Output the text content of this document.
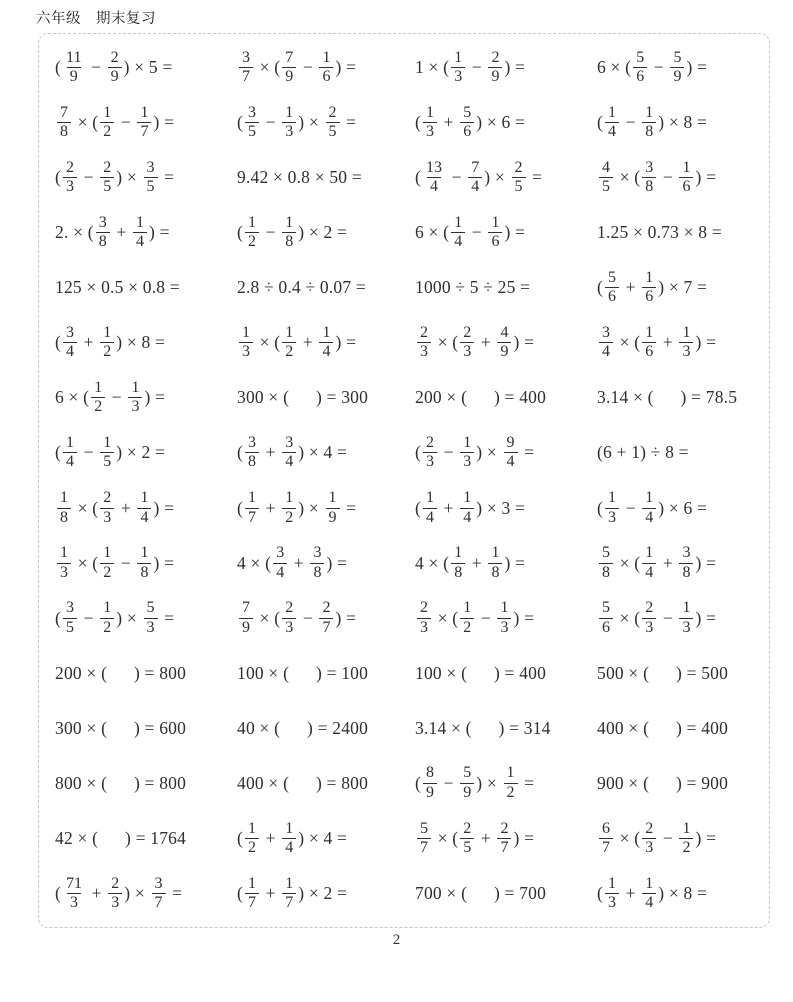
六年级　期末复习
( $\frac{11}{9} - \frac{2}{9}$ ) × 5 =	$\frac{3}{7}$ × ( $\frac{7}{9} - \frac{1}{6}$ ) =	1 × ( $\frac{1}{3} - \frac{2}{9}$ ) =	6 × ( $\frac{5}{6} - \frac{5}{9}$ ) =
$\frac{7}{8}$ × ( $\frac{1}{2} - \frac{1}{7}$ ) =	( $\frac{3}{5} - \frac{1}{3}$ ) × $\frac{2}{5}$ =	( $\frac{1}{3} + \frac{5}{6}$ ) × 6 =	( $\frac{1}{4} - \frac{1}{8}$ ) × 8 =
( $\frac{2}{3} - \frac{2}{5}$ ) × $\frac{3}{5}$ =	9.42 × 0.8 × 50 =	( $\frac{13}{4} - \frac{7}{4}$ ) × $\frac{2}{5}$ =	$\frac{4}{5}$ × ( $\frac{3}{8} - \frac{1}{6}$ ) =
2. × ( $\frac{3}{8} + \frac{1}{4}$ ) =	( $\frac{1}{2} - \frac{1}{8}$ ) × 2 =	6 × ( $\frac{1}{4} - \frac{1}{6}$ ) =	1.25 × 0.73 × 8 =
125 × 0.5 × 0.8 =	2.8 ÷ 0.4 ÷ 0.07 =	1000 ÷ 5 ÷ 25 =	( $\frac{5}{6} + \frac{1}{6}$ ) × 7 =
( $\frac{3}{4} + \frac{1}{2}$ ) × 8 =	$\frac{1}{3}$ × ( $\frac{1}{2} + \frac{1}{4}$ ) =	$\frac{2}{3}$ × ( $\frac{2}{3} + \frac{4}{9}$ ) =	$\frac{3}{4}$ × ( $\frac{1}{6} + \frac{1}{3}$ ) =
6 × ( $\frac{1}{2} - \frac{1}{3}$ ) =	300 × (   ) = 300	200 × (   ) = 400	3.14 × (   ) = 78.5
( $\frac{1}{4} - \frac{1}{5}$ ) × 2 =	( $\frac{3}{8} + \frac{3}{4}$ ) × 4 =	( $\frac{2}{3} - \frac{1}{3}$ ) × $\frac{9}{4}$ =	(6 + 1) ÷ 8 =
$\frac{1}{8}$ × ( $\frac{2}{3} + \frac{1}{4}$ ) =	( $\frac{1}{7} + \frac{1}{2}$ ) × $\frac{1}{9}$ =	( $\frac{1}{4} + \frac{1}{4}$ ) × 3 =	( $\frac{1}{3} - \frac{1}{4}$ ) × 6 =
$\frac{1}{3}$ × ( $\frac{1}{2} - \frac{1}{8}$ ) =	4 × ( $\frac{3}{4} + \frac{3}{8}$ ) =	4 × ( $\frac{1}{8} + \frac{1}{8}$ ) =	$\frac{5}{8}$ × ( $\frac{1}{4} + \frac{3}{8}$ ) =
( $\frac{3}{5} - \frac{1}{2}$ ) × $\frac{5}{3}$ =	$\frac{7}{9}$ × ( $\frac{2}{3} - \frac{2}{7}$ ) =	$\frac{2}{3}$ × ( $\frac{1}{2} - \frac{1}{3}$ ) =	$\frac{5}{6}$ × ( $\frac{2}{3} - \frac{1}{3}$ ) =
200 × (   ) = 800	100 × (   ) = 100	100 × (   ) = 400	500 × (   ) = 500
300 × (   ) = 600	40 × (   ) = 2400	3.14 × (   ) = 314	400 × (   ) = 400
800 × (   ) = 800	400 × (   ) = 800	( $\frac{8}{9} - \frac{5}{9}$ ) × $\frac{1}{2}$ =	900 × (   ) = 900
42 × (   ) = 1764	( $\frac{1}{2} + \frac{1}{4}$ ) × 4 =	$\frac{5}{7}$ × ( $\frac{2}{5} + \frac{2}{7}$ ) =	$\frac{6}{7}$ × ( $\frac{2}{3} - \frac{1}{2}$ ) =
( $\frac{71}{3} + \frac{2}{3}$ ) × $\frac{3}{7}$ =	( $\frac{1}{7} + \frac{1}{7}$ ) × 2 =	700 × (   ) = 700	( $\frac{1}{3} + \frac{1}{4}$ ) × 8 =
2
